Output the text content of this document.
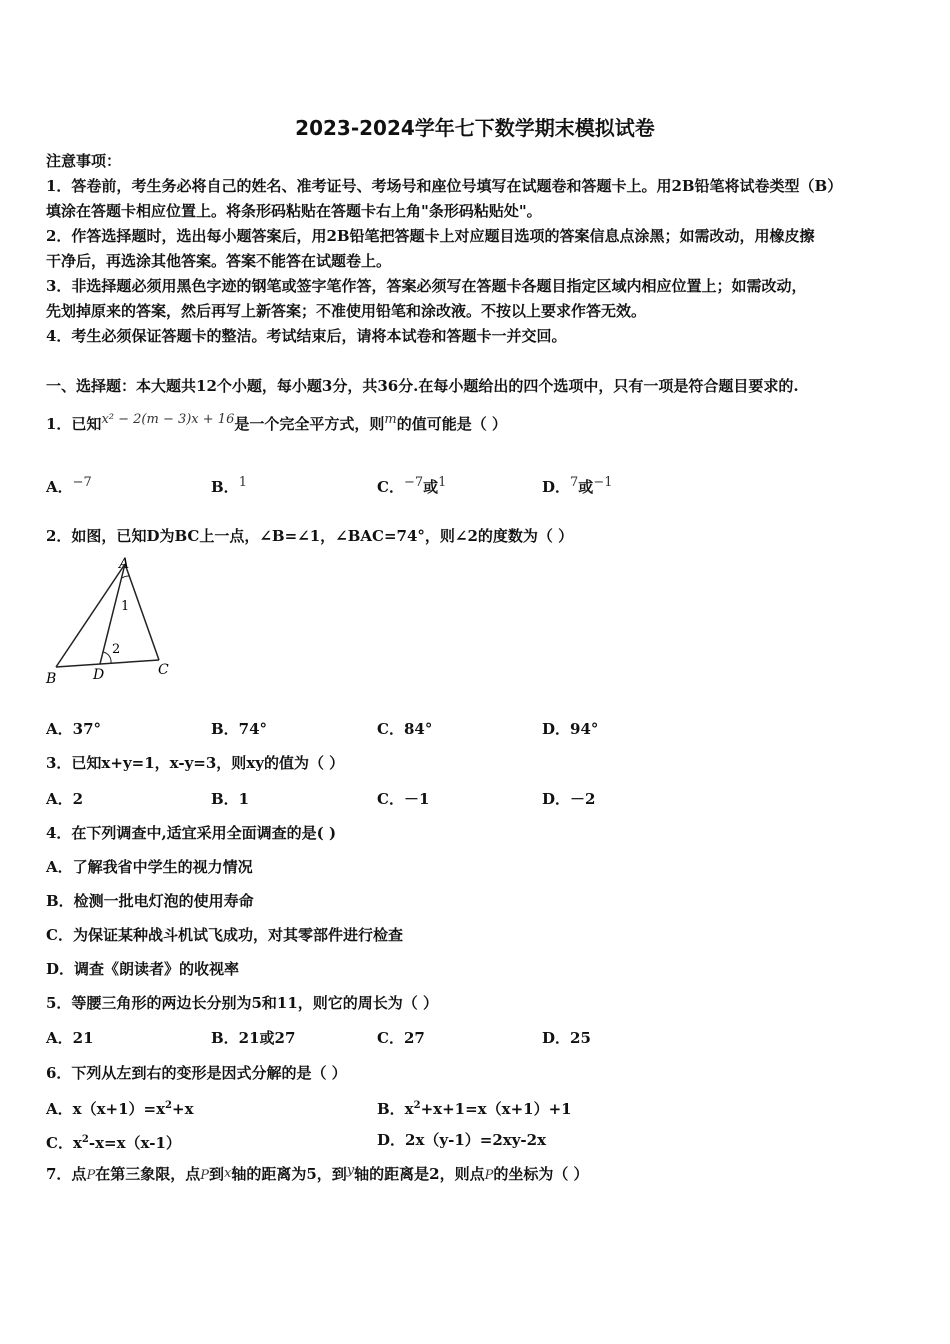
2023-2024学年七下数学期末模拟试卷
注意事项：
1．答卷前，考生务必将自己的姓名、准考证号、考场号和座位号填写在试题卷和答题卡上。用2B铅笔将试卷类型（B）
填涂在答题卡相应位置上。将条形码粘贴在答题卡右上角"条形码粘贴处"。
2．作答选择题时，选出每小题答案后，用2B铅笔把答题卡上对应题目选项的答案信息点涂黑；如需改动，用橡皮擦
干净后，再选涂其他答案。答案不能答在试题卷上。
3．非选择题必须用黑色字迹的钢笔或签字笔作答，答案必须写在答题卡各题目指定区域内相应位置上；如需改动，
先划掉原来的答案，然后再写上新答案；不准使用铅笔和涂改液。不按以上要求作答无效。
4．考生必须保证答题卡的整洁。考试结束后，请将本试卷和答题卡一并交回。
一、选择题：本大题共12个小题，每小题3分，共36分.在每小题给出的四个选项中，只有一项是符合题目要求的.
1．已知x² − 2(m − 3)x + 16是一个完全平方式，则m的值可能是（ ）
A．−7	B．1	C．−7或1	D．7或−1
2．如图，已知D为BC上一点，∠B=∠1，∠BAC=74°，则∠2的度数为（ ）
A
B
C
D
1
2
A．37°	B．74°	C．84°	D．94°
3．已知x+y=1，x-y=3，则xy的值为（ ）
A．2	B．1	C．－1	D．－2
4．在下列调查中,适宜采用全面调查的是( )
A．了解我省中学生的视力情况
B．检测一批电灯泡的使用寿命
C．为保证某种战斗机试飞成功，对其零部件进行检查
D．调查《朗读者》的收视率
5．等腰三角形的两边长分别为5和11，则它的周长为（ ）
A．21	B．21或27	C．27	D．25
6．下列从左到右的变形是因式分解的是（ ）
A．$x(x+1)=x^2+x$	B．$x^2+x+1=x(x+1)+1$
C．$x^2-x=x(x-1)$	D．2x（y-1）=2xy-2x
7．点P在第三象限，点P到x轴的距离为5，到y轴的距离是2，则点P的坐标为（ ）
